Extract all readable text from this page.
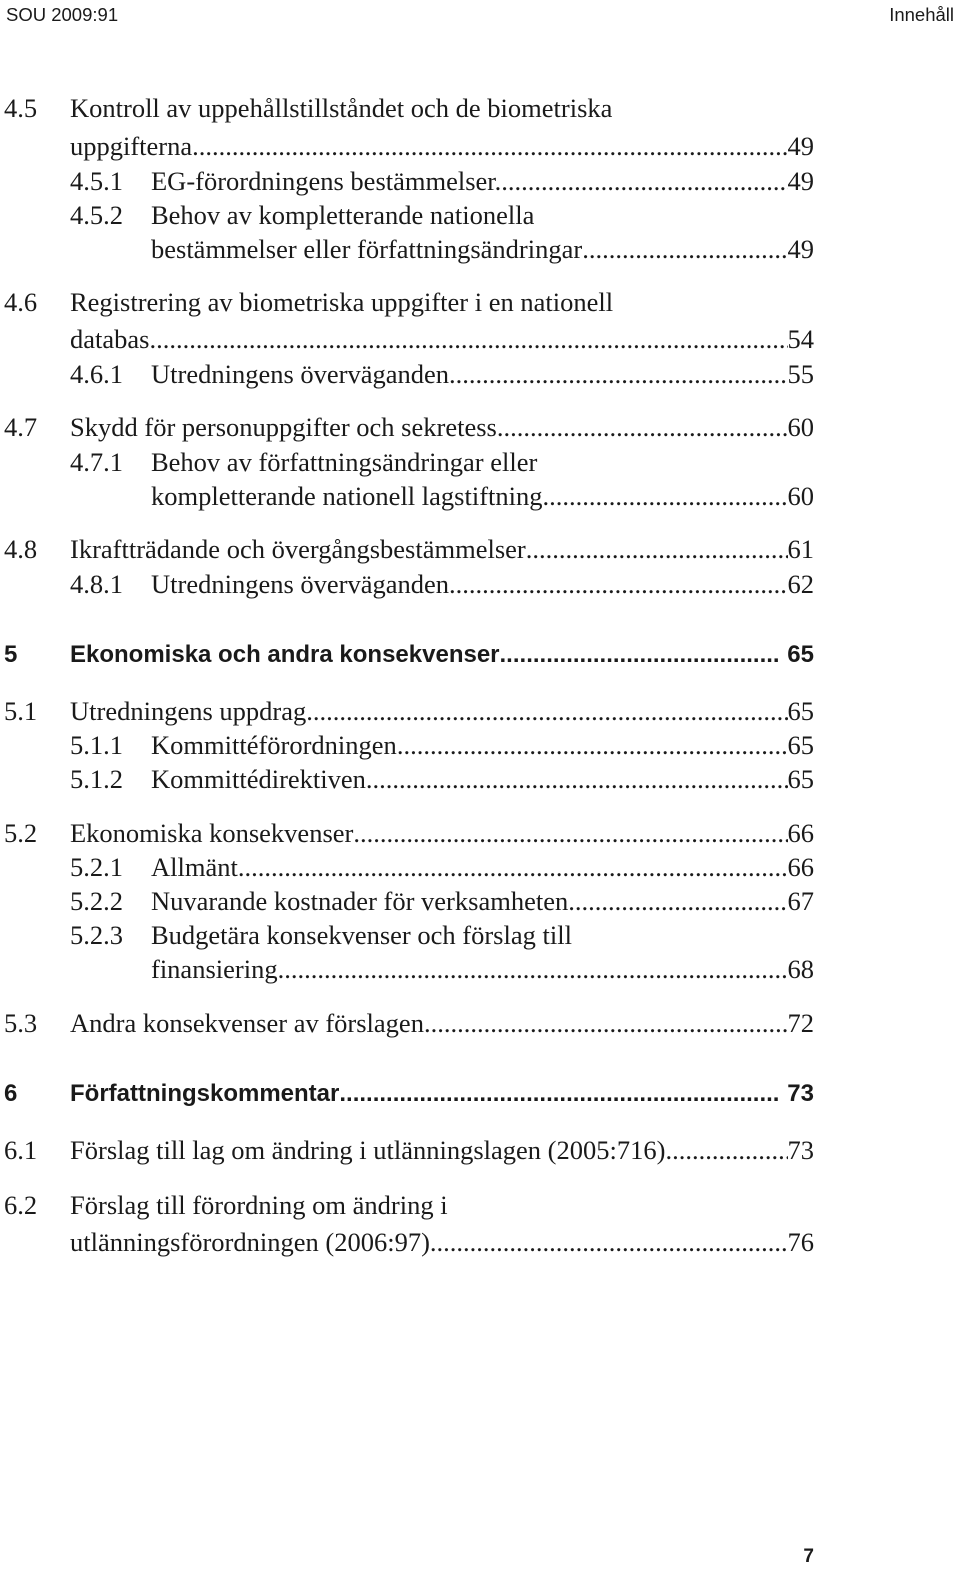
SOU 2009:91	Innehåll
4.5 Kontroll av uppehållstillståndet och de biometriska
uppgifterna .....	49
4.5.1 EG-förordningens bestämmelser. .....	49
4.5.2 Behov av kompletterande nationella
bestämmelser eller författningsändringar .....	49
4.6 Registrering av biometriska uppgifter i en nationell
databas .....	54
4.6.1 Utredningens överväganden .....	55
4.7 Skydd för personuppgifter och sekretess .....	60
4.7.1 Behov av författningsändringar eller
kompletterande nationell lagstiftning .....	60
4.8 Ikraftträdande och övergångsbestämmelser .....	61
4.8.1 Utredningens överväganden .....	62
5 Ekonomiska och andra konsekvenser .....	65
5.1 Utredningens uppdrag .....	65
5.1.1 Kommittéförordningen .....	65
5.1.2 Kommittédirektiven .....	65
5.2 Ekonomiska konsekvenser .....	66
5.2.1 Allmänt .....	66
5.2.2 Nuvarande kostnader för verksamheten .....	67
5.2.3 Budgetära konsekvenser och förslag till
finansiering .....	68
5.3 Andra konsekvenser av förslagen .....	72
6 Författningskommentar .....	73
6.1 Förslag till lag om ändring i utlänningslagen (2005:716) .....	73
6.2 Förslag till förordning om ändring i
utlänningsförordningen (2006:97) .....	76
7
